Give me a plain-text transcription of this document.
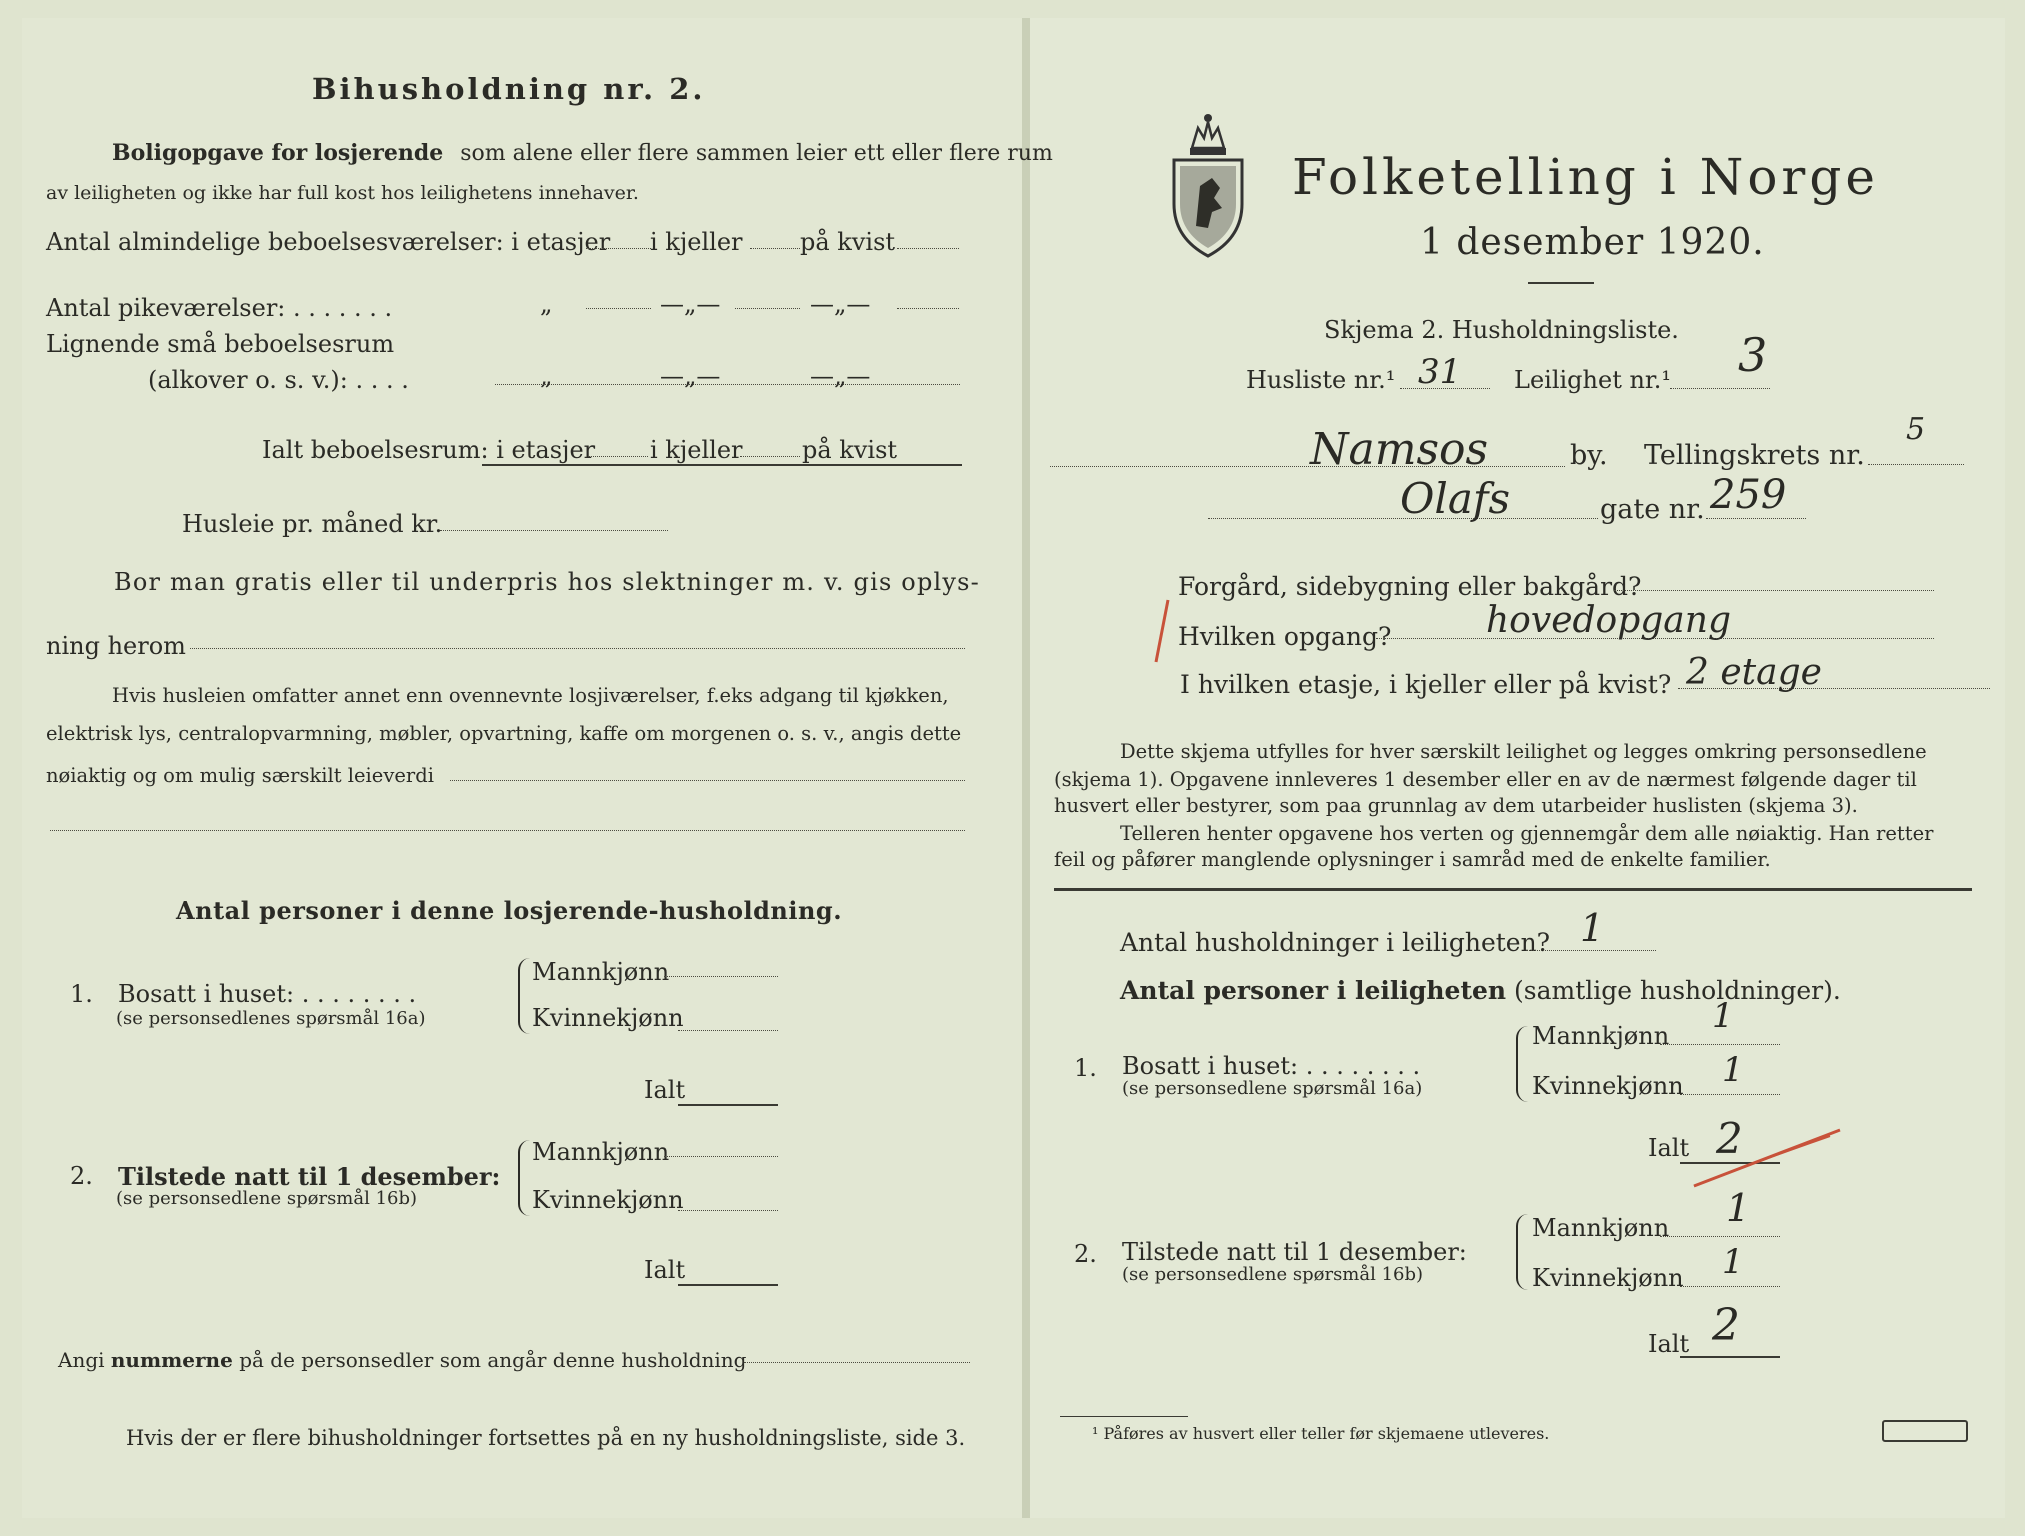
Bihusholdning nr. 2.
Boligopgave for losjerende som alene eller flere sammen leier ett eller flere rum
av leiligheten og ikke har full kost hos leilighetens innehaver.
Antal almindelige beboelsesværelser: i etasjer i kjeller på kvist
Antal pikeværelser: . . . . . . .	„	—„—	—„—
Lignende små beboelsesrum
(alkover o. s. v.): . . . .	„	—„—	—„—
Ialt beboelsesrum: i etasjer i kjeller på kvist
Husleie pr. måned kr.
Bor man gratis eller til underpris hos slektninger m. v. gis oplys-
ning herom
Hvis husleien omfatter annet enn ovennevnte losjiværelser, f.eks adgang til kjøkken,
elektrisk lys, centralopvarmning, møbler, opvartning, kaffe om morgenen o. s. v., angis dette
nøiaktig og om mulig særskilt leieverdi
Antal personer i denne losjerende-husholdning.
1. Bosatt i huset: . . . . . . . .
(se personsedlenes spørsmål 16a)
Mannkjønn
Kvinnekjønn
Ialt
2. Tilstede natt til 1 desember:
(se personsedlene spørsmål 16b)
Mannkjønn
Kvinnekjønn
Ialt
Angi nummerne på de personsedler som angår denne husholdning
Hvis der er flere bihusholdninger fortsettes på en ny husholdningsliste, side 3.
Folketelling i Norge
1 desember 1920.
Skjema 2. Husholdningsliste.
Husliste nr.¹ 31 Leilighet nr.¹ 3
Namsos	by. Tellingskrets nr.
5
Olafs	gate nr. 259
Forgård, sidebygning eller bakgård?
Hvilken opgang?	hovedopgang
I hvilken etasje, i kjeller eller på kvist? 2 etage
Dette skjema utfylles for hver særskilt leilighet og legges omkring personsedlene
(skjema 1). Opgavene innleveres 1 desember eller en av de nærmest følgende dager til
husvert eller bestyrer, som paa grunnlag av dem utarbeider huslisten (skjema 3).
Telleren henter opgavene hos verten og gjennemgår dem alle nøiaktig. Han retter
feil og påfører manglende oplysninger i samråd med de enkelte familier.
Antal husholdninger i leiligheten? 1
Antal personer i leiligheten (samtlige husholdninger).
1. Bosatt i huset: . . . . . . . .
(se personsedlene spørsmål 16a)
Mannkjønn 1
Kvinnekjønn 1
Ialt 2
2. Tilstede natt til 1 desember:
(se personsedlene spørsmål 16b)
Mannkjønn 1
Kvinnekjønn 1
Ialt 2
¹ Påføres av husvert eller teller før skjemaene utleveres.
